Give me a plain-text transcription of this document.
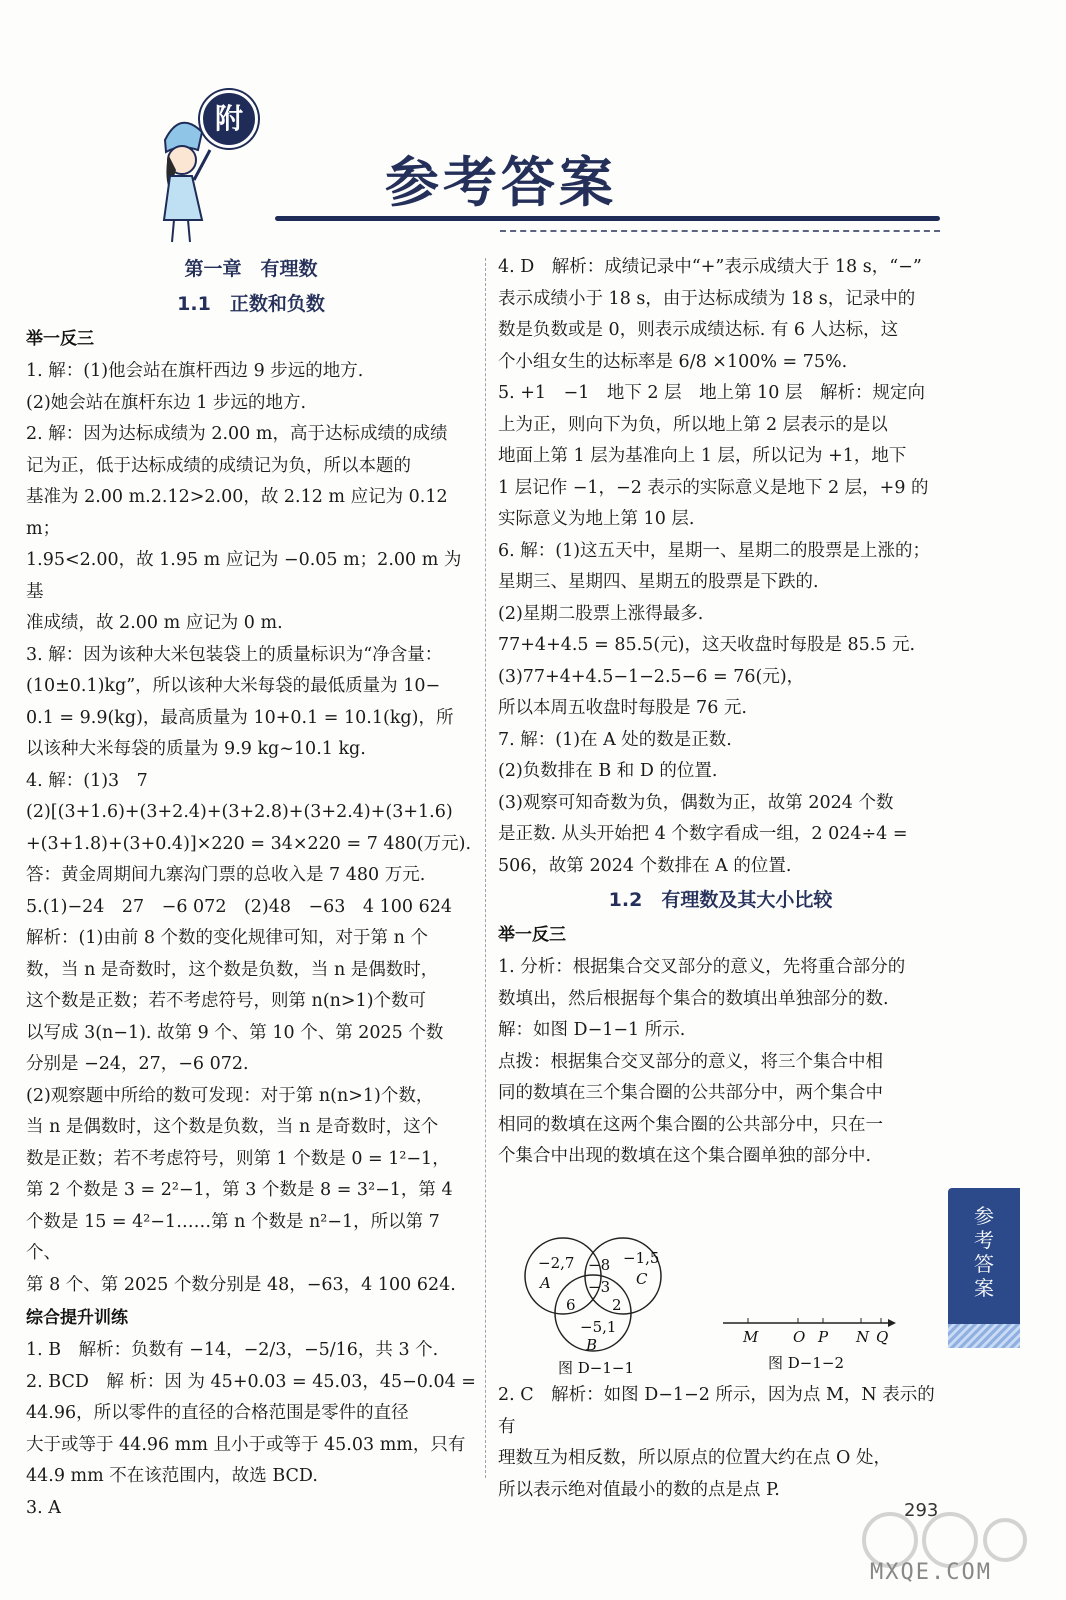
附
参考答案
第一章　有理数
1.1　正数和负数
举一反三
1. 解：(1)他会站在旗杆西边 9 步远的地方.
(2)她会站在旗杆东边 1 步远的地方.
2. 解：因为达标成绩为 2.00 m，高于达标成绩的成绩
记为正，低于达标成绩的成绩记为负，所以本题的
基准为 2.00 m.2.12>2.00，故 2.12 m 应记为 0.12 m；
1.95<2.00，故 1.95 m 应记为 −0.05 m；2.00 m 为基
准成绩，故 2.00 m 应记为 0 m.
3. 解：因为该种大米包装袋上的质量标识为“净含量：
(10±0.1)kg”，所以该种大米每袋的最低质量为 10−
0.1 = 9.9(kg)，最高质量为 10+0.1 = 10.1(kg)，所
以该种大米每袋的质量为 9.9 kg~10.1 kg.
4. 解：(1)3　7
(2)[(3+1.6)+(3+2.4)+(3+2.8)+(3+2.4)+(3+1.6)
+(3+1.8)+(3+0.4)]×220 = 34×220 = 7 480(万元).
答：黄金周期间九寨沟门票的总收入是 7 480 万元.
5.(1)−24　27　−6 072　(2)48　−63　4 100 624
解析：(1)由前 8 个数的变化规律可知，对于第 n 个
数，当 n 是奇数时，这个数是负数，当 n 是偶数时，
这个数是正数；若不考虑符号，则第 n(n>1)个数可
以写成 3(n−1). 故第 9 个、第 10 个、第 2025 个数
分别是 −24，27，−6 072.
(2)观察题中所给的数可发现：对于第 n(n>1)个数，
当 n 是偶数时，这个数是负数，当 n 是奇数时，这个
数是正数；若不考虑符号，则第 1 个数是 0 = 1²−1，
第 2 个数是 3 = 2²−1，第 3 个数是 8 = 3²−1，第 4
个数是 15 = 4²−1……第 n 个数是 n²−1，所以第 7 个、
第 8 个、第 2025 个数分别是 48，−63，4 100 624.
综合提升训练
1. B　解析：负数有 −14，−2/3，−5/16，共 3 个.
2. BCD　解 析：因 为 45+0.03 = 45.03，45−0.04 =
44.96，所以零件的直径的合格范围是零件的直径
大于或等于 44.96 mm 且小于或等于 45.03 mm，只有
44.9 mm 不在该范围内，故选 BCD.
3. A
4. D　解析：成绩记录中“+”表示成绩大于 18 s，“−”
表示成绩小于 18 s，由于达标成绩为 18 s，记录中的
数是负数或是 0，则表示成绩达标. 有 6 人达标，这
个小组女生的达标率是 6/8 ×100% = 75%.
5. +1　−1　地下 2 层　地上第 10 层　解析：规定向
上为正，则向下为负，所以地上第 2 层表示的是以
地面上第 1 层为基准向上 1 层，所以记为 +1，地下
1 层记作 −1，−2 表示的实际意义是地下 2 层，+9 的
实际意义为地上第 10 层.
6. 解：(1)这五天中，星期一、星期二的股票是上涨的；
星期三、星期四、星期五的股票是下跌的.
(2)星期二股票上涨得最多.
77+4+4.5 = 85.5(元)，这天收盘时每股是 85.5 元.
(3)77+4+4.5−1−2.5−6 = 76(元)，
所以本周五收盘时每股是 76 元.
7. 解：(1)在 A 处的数是正数.
(2)负数排在 B 和 D 的位置.
(3)观察可知奇数为负，偶数为正，故第 2024 个数
是正数. 从头开始把 4 个数字看成一组，2 024÷4 =
506，故第 2024 个数排在 A 的位置.
1.2　有理数及其大小比较
举一反三
1. 分析：根据集合交叉部分的意义，先将重合部分的
数填出，然后根据每个集合的数填出单独部分的数.
解：如图 D−1−1 所示.
点拨：根据集合交叉部分的意义，将三个集合中相
同的数填在三个集合圈的公共部分中，两个集合中
相同的数填在这两个集合圈的公共部分中，只在一
个集合中出现的数填在这个集合圈单独的部分中.
−2,7
A
−8 −1,5
C
−3
6 2
−5,1
B
图 D−1−1
M O P N Q
图 D−1−2
2. C　解析：如图 D−1−2 所示，因为点 M，N 表示的有
理数互为相反数，所以原点的位置大约在点 O 处，
所以表示绝对值最小的数的点是点 P.
参考答案
293
MXQE.COM
